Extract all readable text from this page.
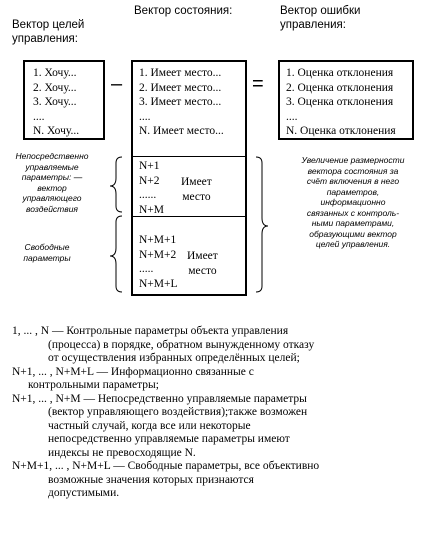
Вектор целей управления:

Вектор состояния:	Вектор ошибки управления:
1. Хочу...
2. Хочу...
3. Хочу...
....
N. Хочу...
– 1. Имеет место...
2. Имеет место...
3. Имеет место...
....
N. Имеет место...
N+1
N+2
......
N+M
Имеет
место
N+M+1
N+M+2
.....
N+M+L
Имеет
место
= 1. Оценка отклонения
2. Оценка отклонения
3. Оценка отклонения
....
N. Оценка отклонения
Непосредственно
управляемые
параметры: —
вектор
управляющего
воздействия
Свободные
параметры
Увеличение размерности
вектора состояния за
счёт включения в него
параметров,
информационно
связанных с контроль-
ными параметрами,
образующими вектор
целей управления.
1, ... , N — Контрольные параметры объекта управления
(процесса) в порядке, обратном вынужденному отказу
от осуществления избранных определённых целей;
N+1, ... , N+M+L — Информационно связанные с
контрольными параметры;
N+1, ... , N+M — Непосредственно управляемые параметры
(вектор управляющего воздействия);также возможен
частный случай, когда все или некоторые
непосредственно управляемые параметры имеют
индексы не превосходящие N.
N+M+1, ... , N+M+L — Свободные параметры, все объективно
возможные значения которых признаются
допустимыми.
